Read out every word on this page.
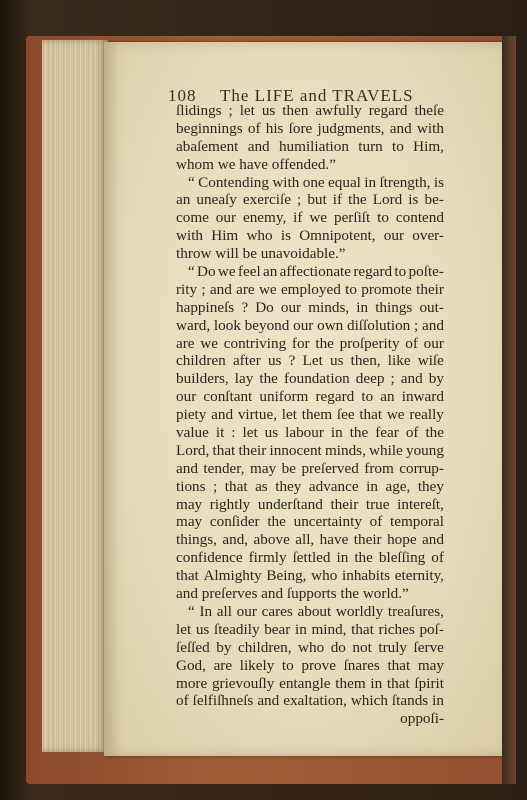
108 The LIFE and TRAVELS
ſlidings ; let us then awfully regard theſe
beginnings of his ſore judgments, and with
abaſement and humiliation turn to Him,
whom we have offended.”
“ Contending with one equal in ſtrength, is
an uneaſy exerciſe ; but if the Lord is be-
come our enemy, if we perſiſt to contend
with Him who is Omnipotent, our over-
throw will be unavoidable.”
“ Do we feel an affectionate regard to poſte-
rity ; and are we employed to promote their
happineſs ? Do our minds, in things out-
ward, look beyond our own diſſolution ; and
are we contriving for the proſperity of our
children after us ? Let us then, like wiſe
builders, lay the foundation deep ; and by
our conſtant uniform regard to an inward
piety and virtue, let them ſee that we really
value it : let us labour in the fear of the
Lord, that their innocent minds, while young
and tender, may be preſerved from corrup-
tions ; that as they advance in age, they
may rightly underſtand their true intereſt,
may conſider the uncertainty of temporal
things, and, above all, have their hope and
confidence firmly ſettled in the bleſſing of
that Almighty Being, who inhabits eternity,
and preſerves and ſupports the world.”
“ In all our cares about worldly treaſures,
let us ſteadily bear in mind, that riches poſ-
ſeſſed by children, who do not truly ſerve
God, are likely to prove ſnares that may
more grievouſly entangle them in that ſpirit
of ſelfiſhneſs and exaltation, which ſtands in
oppoſi-
